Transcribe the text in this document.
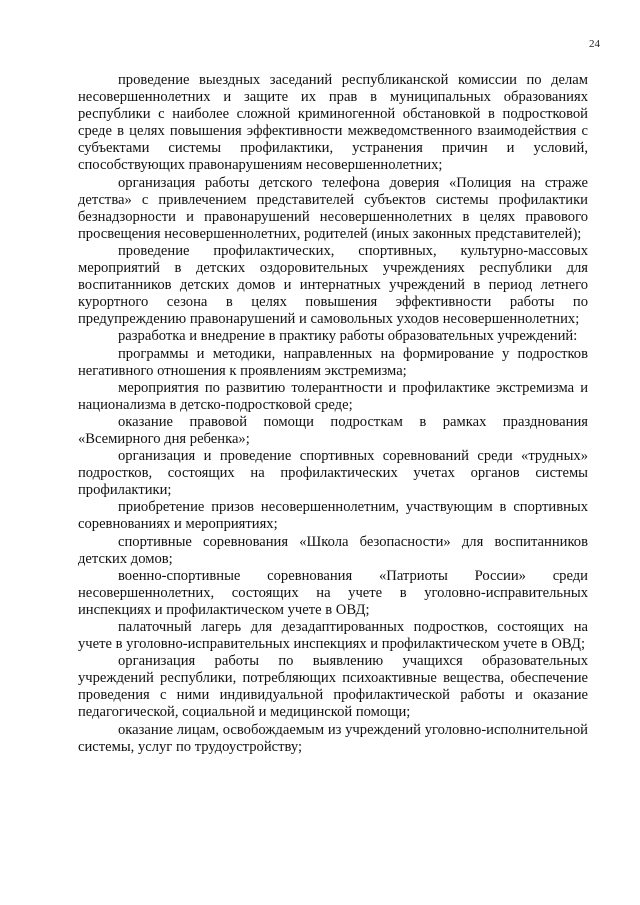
24

проведение выездных заседаний республиканской комиссии по делам несовершеннолетних и защите их прав в муниципальных образованиях республики с наиболее сложной криминогенной обстановкой в подростковой среде в целях повышения эффективности межведомственного взаимодействия с субъектами системы профилактики, устранения причин и условий, способствующих правонарушениям несовершеннолетних;

организация работы детского телефона доверия «Полиция на страже детства» с привлечением представителей субъектов системы профилактики безнадзорности и правонарушений несовершеннолетних в целях правового просвещения несовершеннолетних, родителей (иных законных представителей);

проведение профилактических, спортивных, культурно-массовых мероприятий в детских оздоровительных учреждениях республики для воспитанников детских домов и интернатных учреждений в период летнего курортного сезона в целях повышения эффективности работы по предупреждению правонарушений и самовольных уходов несовершеннолетних;

разработка и внедрение в практику работы образовательных учреждений:

программы и методики, направленных на формирование у подростков негативного отношения к проявлениям экстремизма;

мероприятия по развитию толерантности и профилактике экстремизма и национализма в детско-подростковой среде;

оказание правовой помощи подросткам в рамках празднования «Всемирного дня ребенка»;

организация и проведение спортивных соревнований среди «трудных» подростков, состоящих на профилактических учетах органов системы профилактики;

приобретение призов несовершеннолетним, участвующим в спортивных соревнованиях и мероприятиях;

спортивные соревнования «Школа безопасности» для воспитанников детских домов;

военно-спортивные соревнования «Патриоты России» среди несовершеннолетних, состоящих на учете в уголовно-исправительных инспекциях и профилактическом учете в ОВД;

палаточный лагерь для дезадаптированных подростков, состоящих на учете в уголовно-исправительных инспекциях и профилактическом учете в ОВД;

организация работы по выявлению учащихся образовательных учреждений республики, потребляющих психоактивные вещества, обеспечение проведения с ними индивидуальной профилактической работы и оказание педагогической, социальной и медицинской помощи;

оказание лицам, освобождаемым из учреждений уголовно-исполнительной системы, услуг по трудоустройству;
